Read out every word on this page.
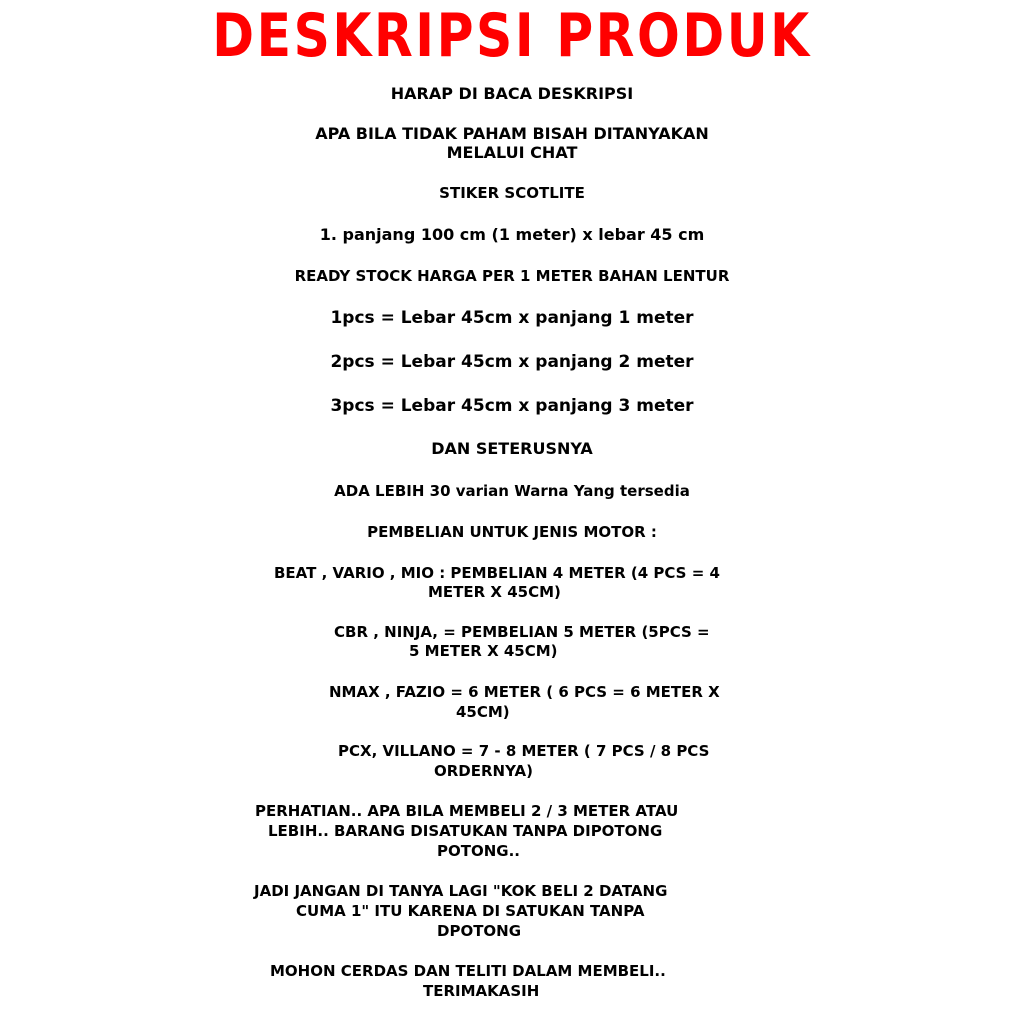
DESKRIPSI PRODUK
HARAP DI BACA DESKRIPSI
APA BILA TIDAK PAHAM BISAH DITANYAKAN
MELALUI CHAT
STIKER SCOTLITE
1. panjang 100 cm (1 meter) x lebar 45 cm
READY STOCK HARGA PER 1 METER BAHAN LENTUR
1pcs = Lebar 45cm x panjang 1 meter
2pcs = Lebar 45cm x panjang 2 meter
3pcs = Lebar 45cm x panjang 3 meter
DAN SETERUSNYA
ADA LEBIH 30 varian Warna Yang tersedia
PEMBELIAN UNTUK JENIS MOTOR :
BEAT , VARIO , MIO : PEMBELIAN 4 METER (4 PCS = 4
METER X 45CM)
CBR , NINJA, = PEMBELIAN 5 METER (5PCS =
5 METER X 45CM)
NMAX , FAZIO = 6 METER ( 6 PCS = 6 METER X
45CM)
PCX, VILLANO = 7 - 8 METER ( 7 PCS / 8 PCS
ORDERNYA)
PERHATIAN.. APA BILA MEMBELI 2 / 3 METER ATAU
LEBIH.. BARANG DISATUKAN TANPA DIPOTONG
POTONG..
JADI JANGAN DI TANYA LAGI "KOK BELI 2 DATANG
CUMA 1" ITU KARENA DI SATUKAN TANPA
DPOTONG
MOHON CERDAS DAN TELITI DALAM MEMBELI..
TERIMAKASIH
